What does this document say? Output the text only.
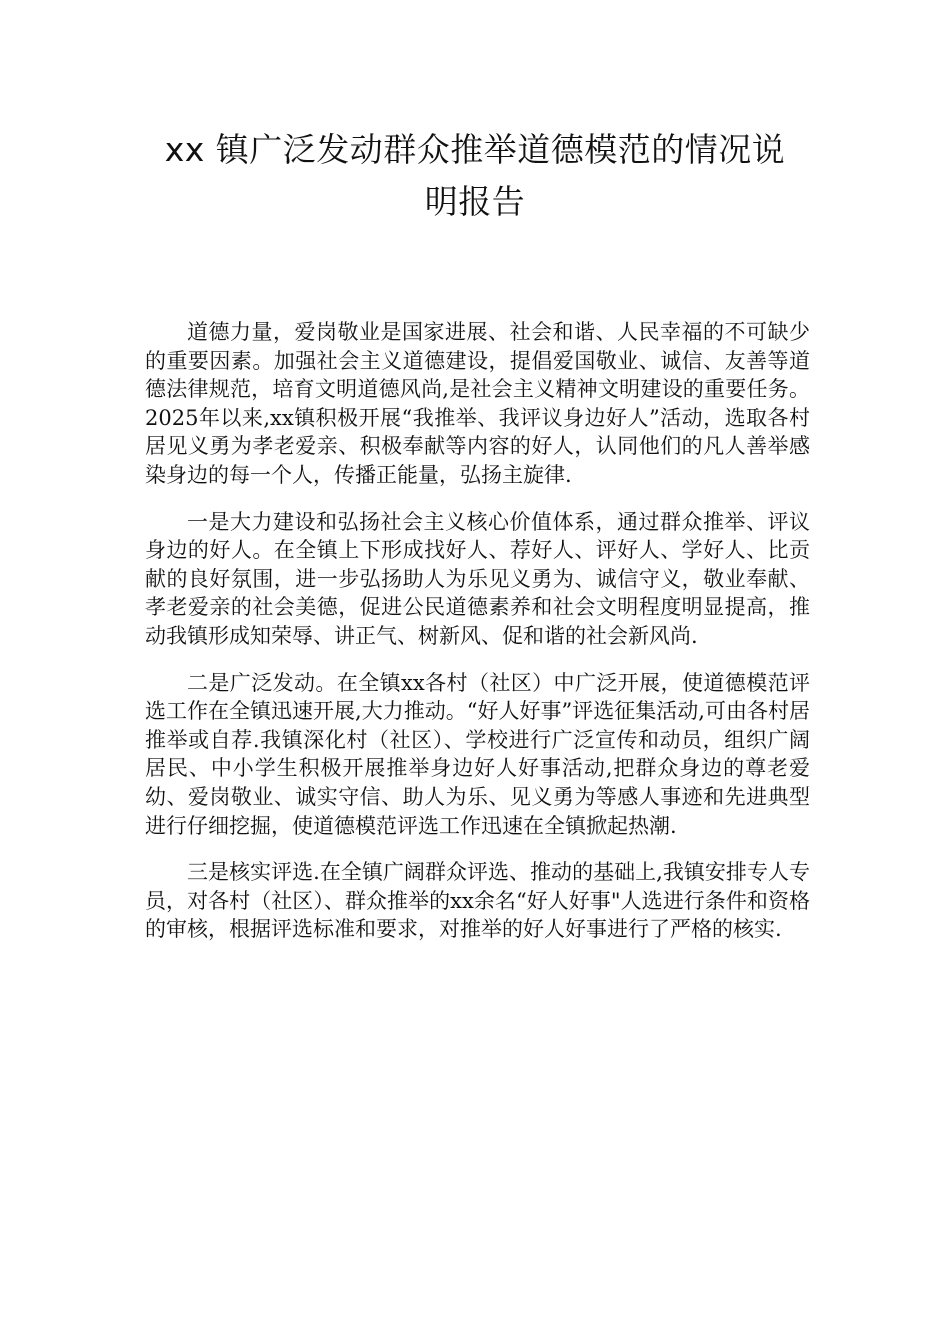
xx 镇广泛发动群众推举道德模范的情况说
明报告

道德力量，爱岗敬业是国家进展、社会和谐、人民幸福的不可缺少的重要因素。加强社会主义道德建设，提倡爱国敬业、诚信、友善等道德法律规范，培育文明道德风尚,是社会主义精神文明建设的重要任务。2025年以来,xx镇积极开展“我推举、我评议身边好人”活动，选取各村居见义勇为孝老爱亲、积极奉献等内容的好人，认同他们的凡人善举感染身边的每一个人，传播正能量，弘扬主旋律.

一是大力建设和弘扬社会主义核心价值体系，通过群众推举、评议身边的好人。在全镇上下形成找好人、荐好人、评好人、学好人、比贡献的良好氛围，进一步弘扬助人为乐见义勇为、诚信守义，敬业奉献、孝老爱亲的社会美德，促进公民道德素养和社会文明程度明显提高，推动我镇形成知荣辱、讲正气、树新风、促和谐的社会新风尚.

二是广泛发动。在全镇xx各村（社区）中广泛开展，使道德模范评选工作在全镇迅速开展,大力推动。“好人好事”评选征集活动,可由各村居推举或自荐.我镇深化村（社区）、学校进行广泛宣传和动员，组织广阔居民、中小学生积极开展推举身边好人好事活动,把群众身边的尊老爱幼、爱岗敬业、诚实守信、助人为乐、见义勇为等感人事迹和先进典型进行仔细挖掘，使道德模范评选工作迅速在全镇掀起热潮.

三是核实评选.在全镇广阔群众评选、推动的基础上,我镇安排专人专员，对各村（社区）、群众推举的xx余名“好人好事"人选进行条件和资格的审核，根据评选标准和要求，对推举的好人好事进行了严格的核实.
